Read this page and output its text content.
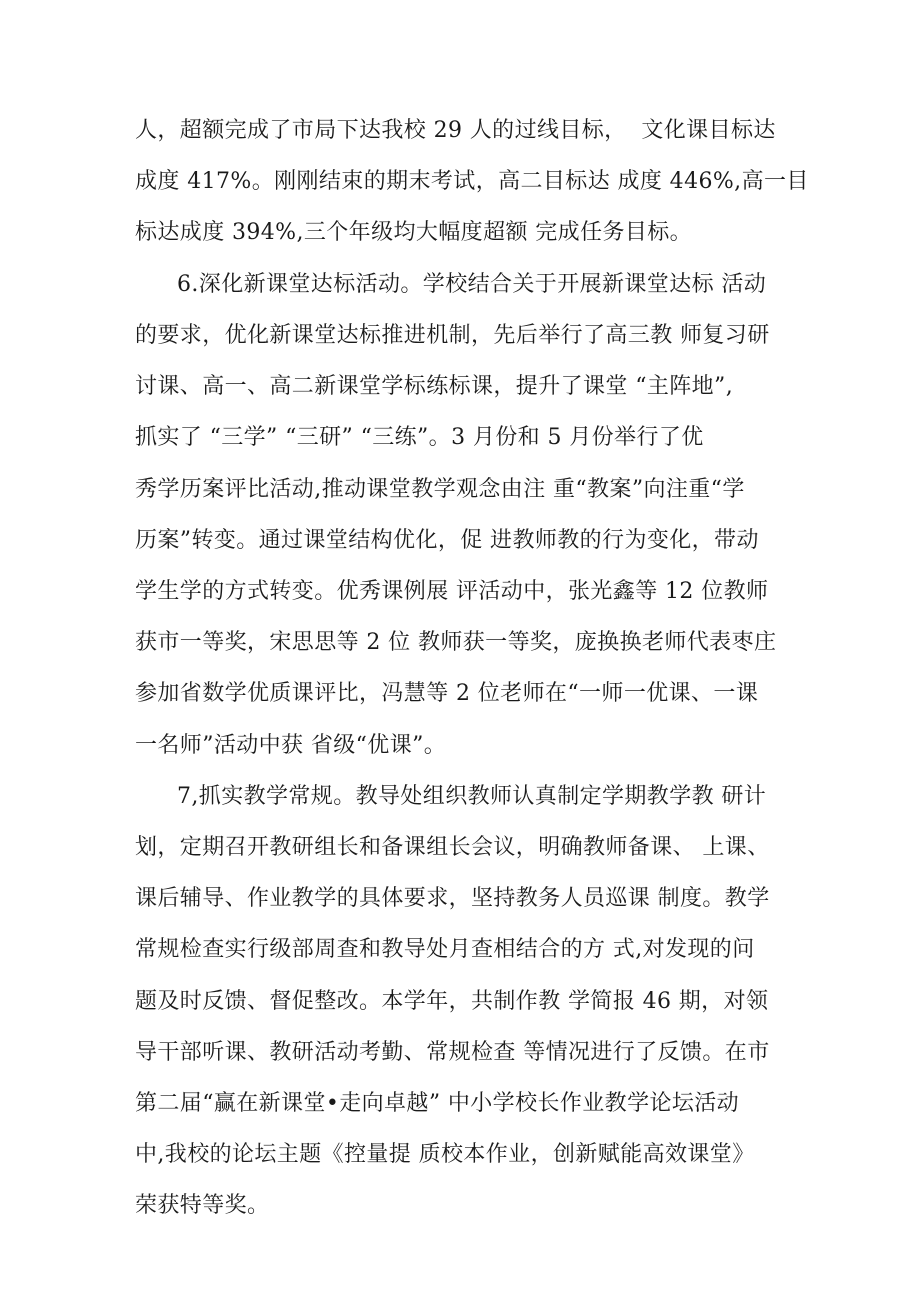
人，超额完成了市局下达我校 29 人的过线目标，  文化课目标达
成度 417%。刚刚结束的期末考试，高二目标达 成度 446%,高一目
标达成度 394%,三个年级均大幅度超额 完成任务目标。
6.深化新课堂达标活动。学校结合关于开展新课堂达标 活动
的要求，优化新课堂达标推进机制，先后举行了高三教 师复习研
讨课、高一、高二新课堂学标练标课，提升了课堂 “主阵地”,
抓实了 “三学” “三研” “三练”。3 月份和 5 月份举行了优
秀学历案评比活动,推动课堂教学观念由注 重“教案”向注重“学
历案”转变。通过课堂结构优化，促 进教师教的行为变化，带动
学生学的方式转变。优秀课例展 评活动中，张光鑫等 12 位教师
获市一等奖，宋思思等 2 位 教师获一等奖，庞换换老师代表枣庄
参加省数学优质课评比，冯慧等 2 位老师在“一师一优课、一课
一名师”活动中获 省级“优课”。
7,抓实教学常规。教导处组织教师认真制定学期教学教 研计
划，定期召开教研组长和备课组长会议，明确教师备课、 上课、
课后辅导、作业教学的具体要求，坚持教务人员巡课 制度。教学
常规检查实行级部周查和教导处月查相结合的方 式,对发现的问
题及时反馈、督促整改。本学年，共制作教 学简报 46 期，对领
导干部听课、教研活动考勤、常规检查 等情况进行了反馈。在市
第二届“赢在新课堂•走向卓越” 中小学校长作业教学论坛活动
中,我校的论坛主题《控量提 质校本作业，创新赋能高效课堂》
荣获特等奖。
